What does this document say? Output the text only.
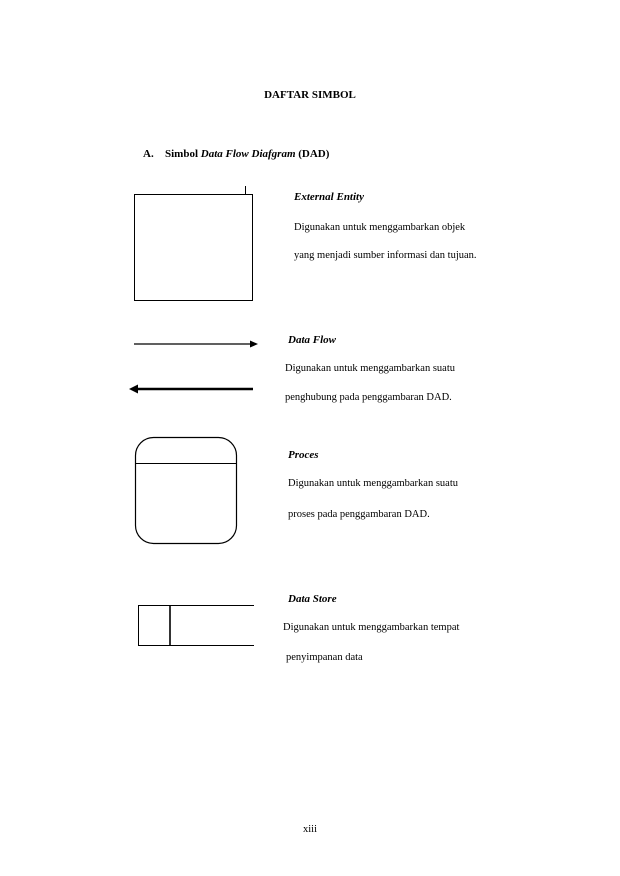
DAFTAR SIMBOL
A. Simbol Data Flow Diafgram (DAD)
External Entity
Digunakan untuk menggambarkan objek
yang menjadi sumber informasi dan tujuan.
Data Flow
Digunakan untuk menggambarkan suatu
penghubung pada penggambaran DAD.
Proces
Digunakan untuk menggambarkan suatu
proses pada penggambaran DAD.
Data Store
Digunakan untuk menggambarkan tempat
penyimpanan data
xiii
